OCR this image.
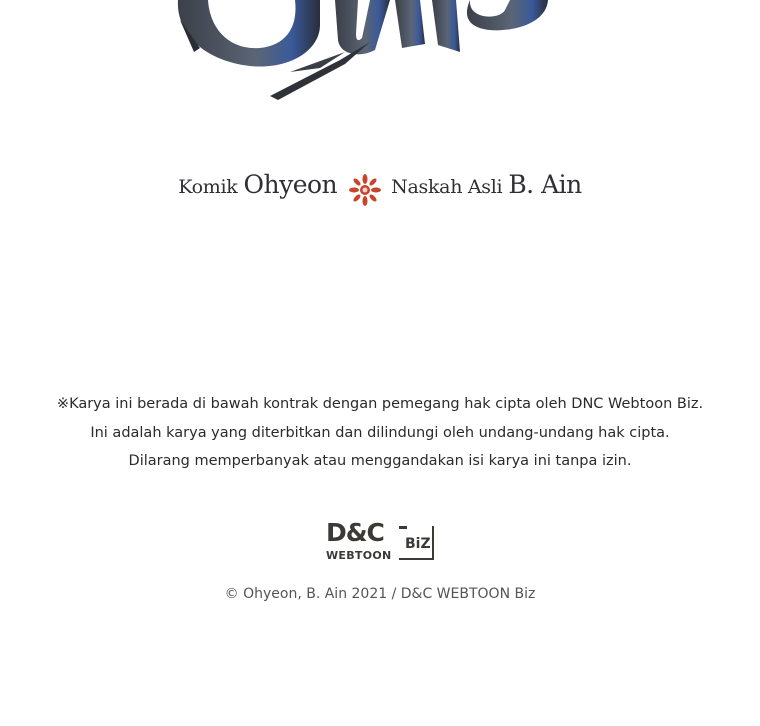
Komik Ohyeon	Naskah Asli B. Ain
※Karya ini berada di bawah kontrak dengan pemegang hak cipta oleh DNC Webtoon Biz.
Ini adalah karya yang diterbitkan dan dilindungi oleh undang-undang hak cipta.
Dilarang memperbanyak atau menggandakan isi karya ini tanpa izin.
D&C
WEBTOON
BiZ
© Ohyeon, B. Ain 2021 / D&C WEBTOON Biz
